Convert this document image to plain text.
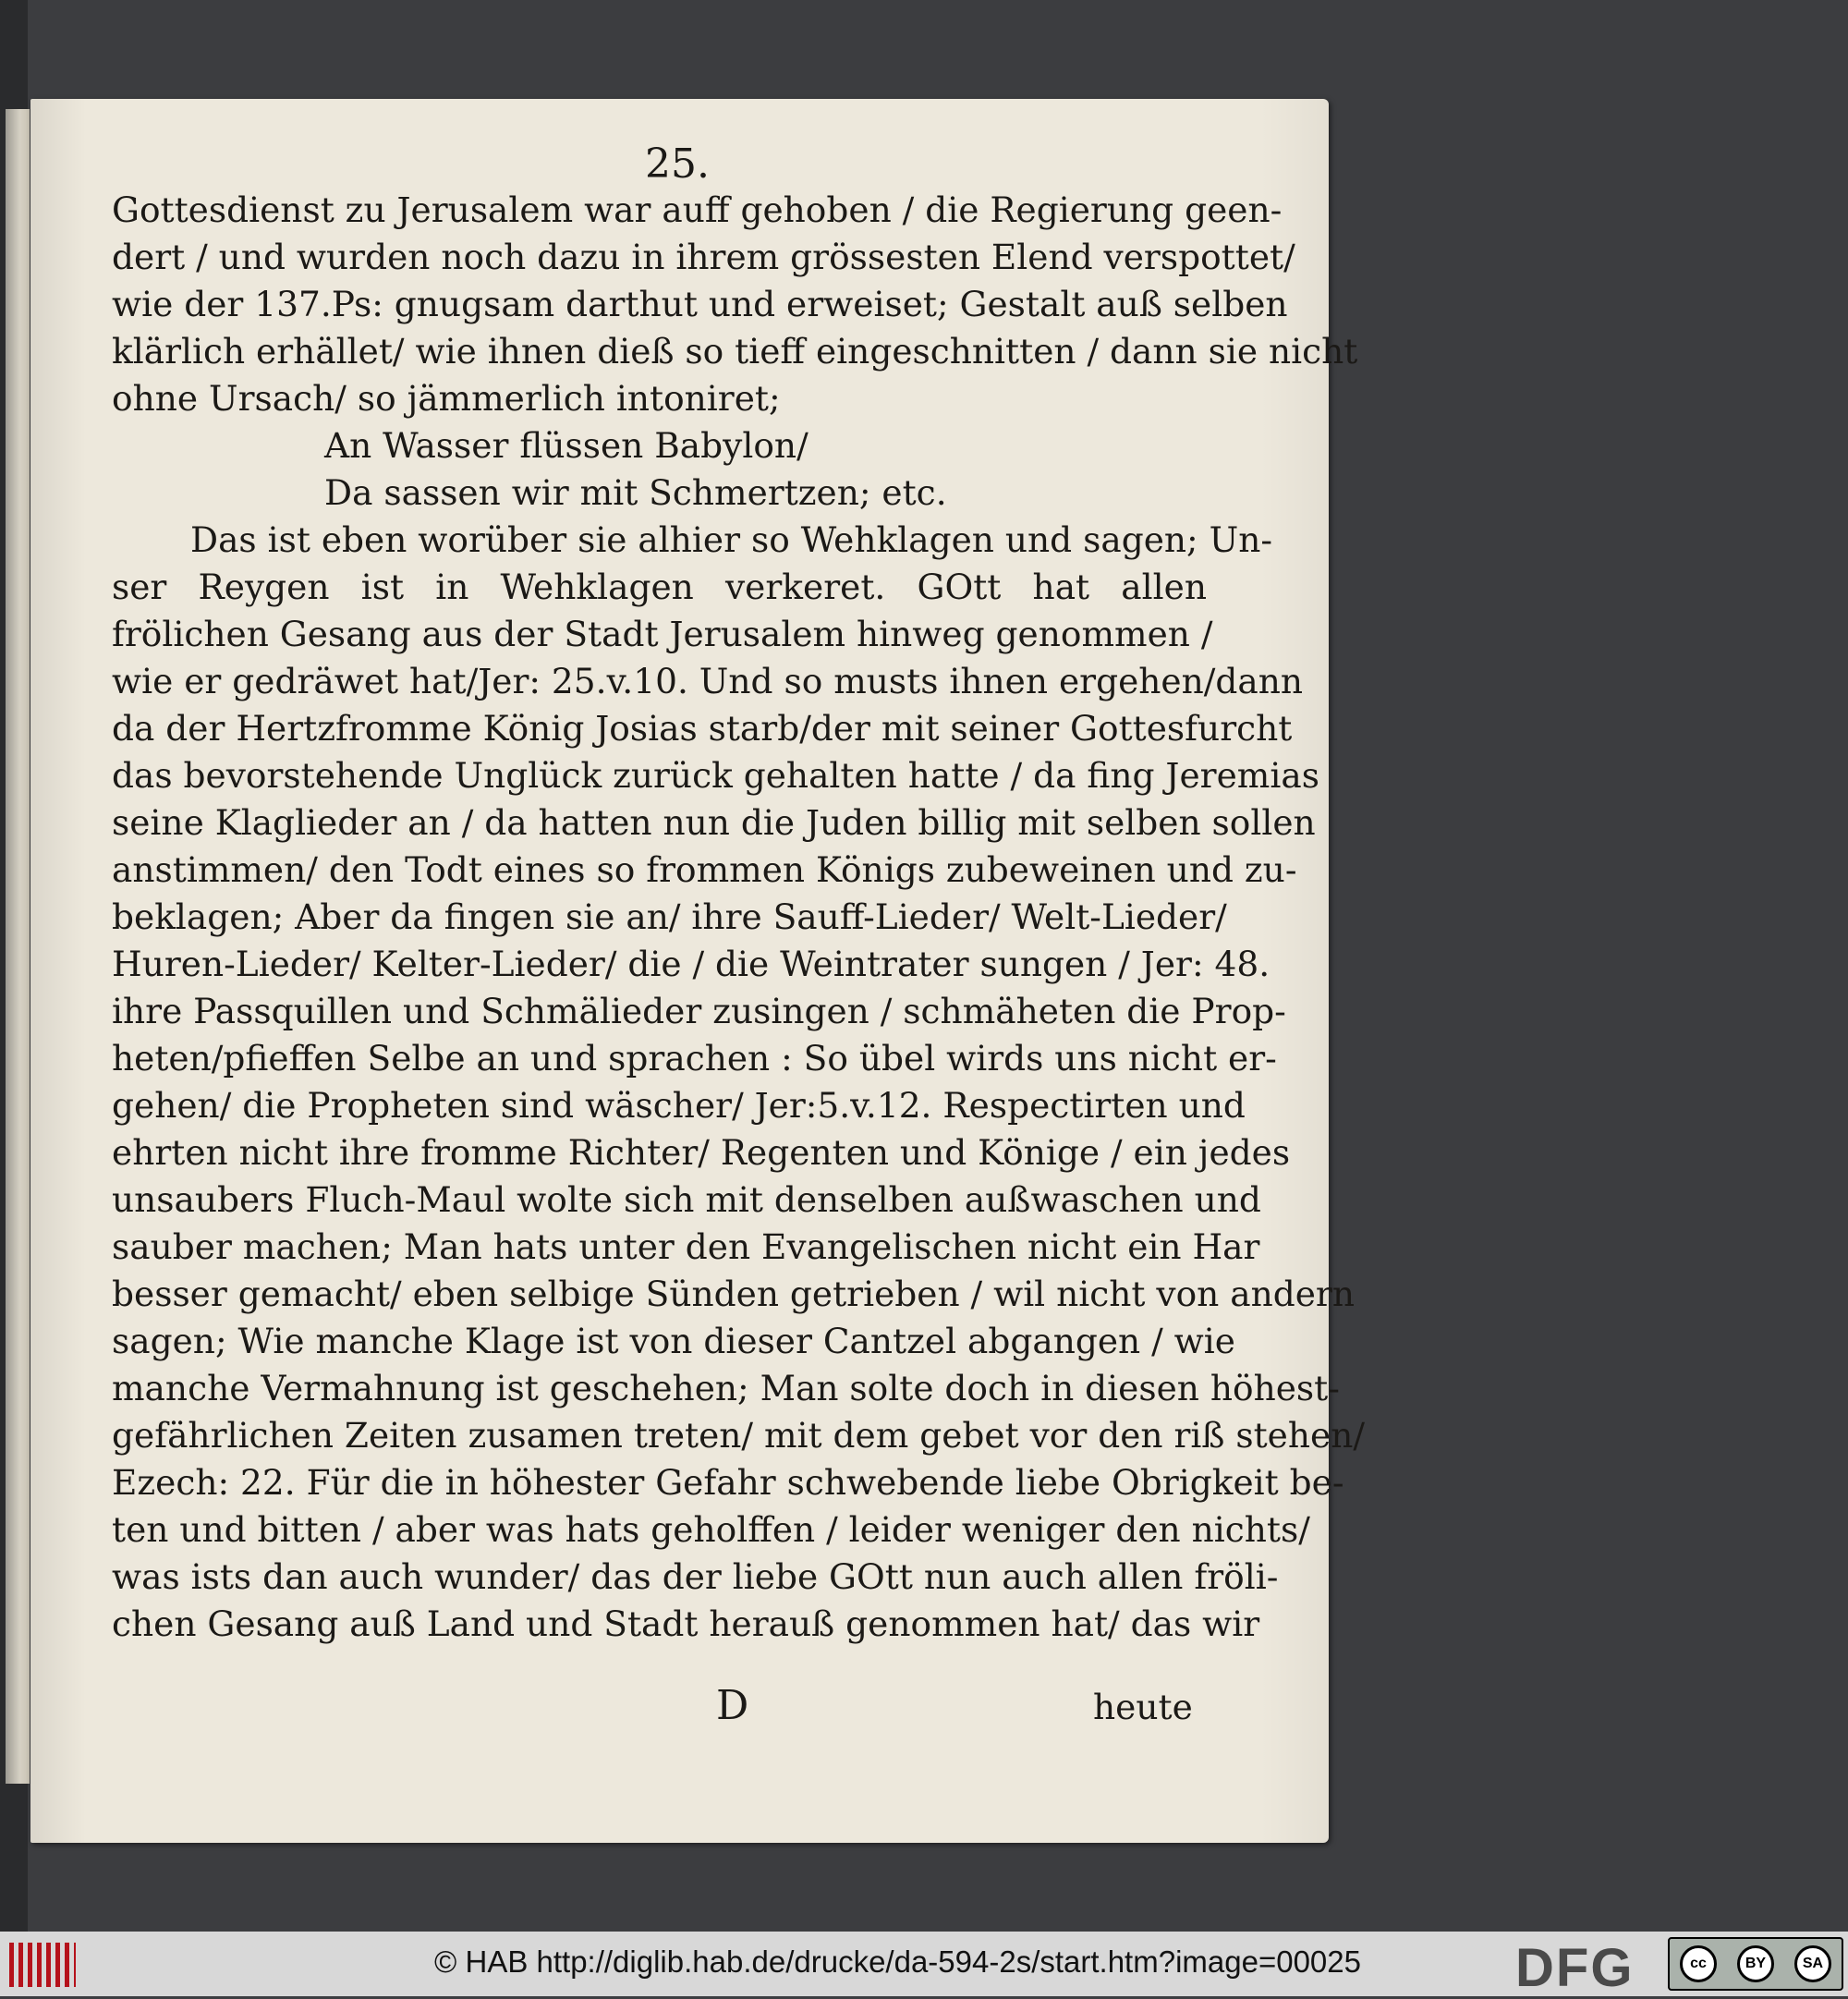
25.
Gottesdienst zu Jerusalem war auff gehoben / die Regierung geen-
dert / und wurden noch dazu in ihrem grössesten Elend verspottet/
wie der 137.Ps: gnugsam darthut und erweiset; Gestalt auß selben
klärlich erhället/ wie ihnen dieß so tieff eingeschnitten / dann sie nicht
ohne Ursach/ so jämmerlich intoniret;
An Wasser flüssen Babylon/
Da sassen wir mit Schmertzen; etc.
Das ist eben worüber sie alhier so Wehklagen und sagen; Un-
ser Reygen ist in Wehklagen verkeret. GOtt hat allen
frölichen Gesang aus der Stadt Jerusalem hinweg genommen /
wie er gedräwet hat/Jer: 25.v.10. Und so musts ihnen ergehen/dann
da der Hertzfromme König Josias starb/der mit seiner Gottesfurcht
das bevorstehende Unglück zurück gehalten hatte / da fing Jeremias
seine Klaglieder an / da hatten nun die Juden billig mit selben sollen
anstimmen/ den Todt eines so frommen Königs zubeweinen und zu-
beklagen; Aber da fingen sie an/ ihre Sauff-Lieder/ Welt-Lieder/
Huren-Lieder/ Kelter-Lieder/ die / die Weintrater sungen / Jer: 48.
ihre Passquillen und Schmälieder zusingen / schmäheten die Prop-
heten/pfieffen Selbe an und sprachen : So übel wirds uns nicht er-
gehen/ die Propheten sind wäscher/ Jer:5.v.12. Respectirten und
ehrten nicht ihre fromme Richter/ Regenten und Könige / ein jedes
unsaubers Fluch-Maul wolte sich mit denselben außwaschen und
sauber machen; Man hats unter den Evangelischen nicht ein Har
besser gemacht/ eben selbige Sünden getrieben / wil nicht von andern
sagen; Wie manche Klage ist von dieser Cantzel abgangen / wie
manche Vermahnung ist geschehen; Man solte doch in diesen höhest-
gefährlichen Zeiten zusamen treten/ mit dem gebet vor den riß stehen/
Ezech: 22. Für die in höhester Gefahr schwebende liebe Obrigkeit be-
ten und bitten / aber was hats geholffen / leider weniger den nichts/
was ists dan auch wunder/ das der liebe GOtt nun auch allen fröli-
chen Gesang auß Land und Stadt herauß genommen hat/ das wir
D	heute
© HAB http://diglib.hab.de/drucke/da-594-2s/start.htm?image=00025	DFG	cc	BY	SA
